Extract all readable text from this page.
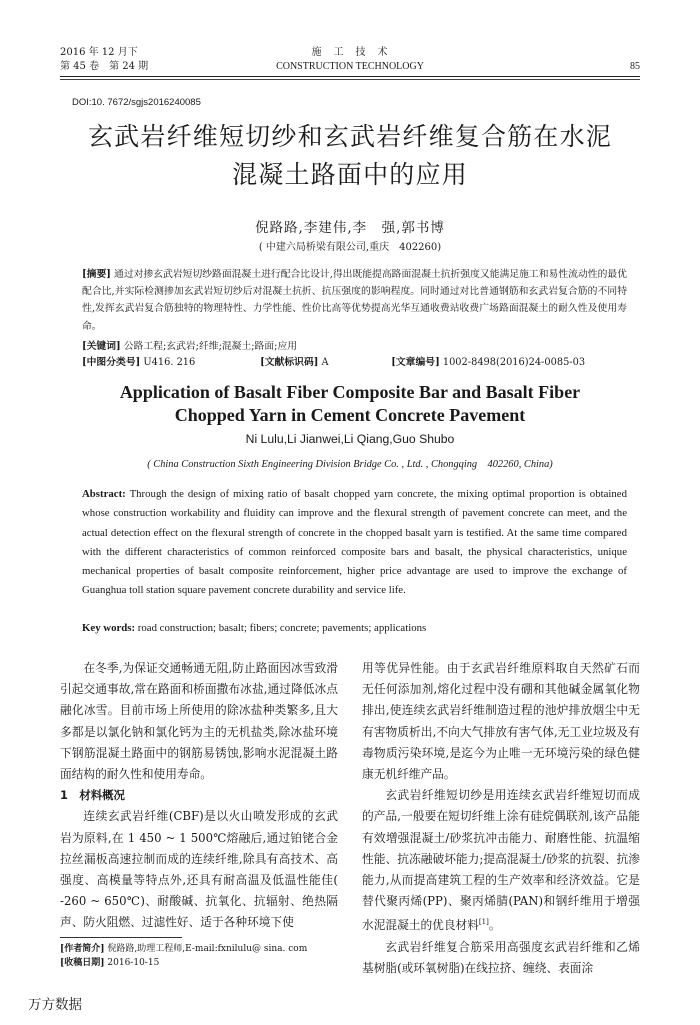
2016 年 12 月下
第 45 卷　第 24 期
施　工　技　术
CONSTRUCTION TECHNOLOGY	85
DOI:10. 7672/sgjs2016240085
玄武岩纤维短切纱和玄武岩纤维复合筋在水泥
混凝土路面中的应用
倪路路,李建伟,李　强,郭书博
( 中建六局桥梁有限公司,重庆　402260)
[摘要] 通过对掺玄武岩短切纱路面混凝土进行配合比设计,得出既能提高路面混凝土抗折强度又能满足施工和易性流动性的最优配合比,并实际检测掺加玄武岩短切纱后对混凝土抗折、抗压强度的影响程度。同时通过对比普通钢筋和玄武岩复合筋的不同特性,发挥玄武岩复合筋独特的物理特性、力学性能、性价比高等优势提高光华互通收费站收费广场路面混凝土的耐久性及使用寿命。
[关键词] 公路工程;玄武岩;纤维;混凝土;路面;应用
[中图分类号] U416. 216	[文献标识码] A	[文章编号] 1002-8498(2016)24-0085-03
Application of Basalt Fiber Composite Bar and Basalt Fiber
Chopped Yarn in Cement Concrete Pavement
Ni Lulu,Li Jianwei,Li Qiang,Guo Shubo
( China Construction Sixth Engineering Division Bridge Co. , Ltd. , Chongqing　402260, China)
Abstract: Through the design of mixing ratio of basalt chopped yarn concrete, the mixing optimal proportion is obtained whose construction workability and fluidity can improve and the flexural strength of pavement concrete can meet, and the actual detection effect on the flexural strength of concrete in the chopped basalt yarn is testified. At the same time compared with the different characteristics of common reinforced composite bars and basalt, the physical characteristics, unique mechanical properties of basalt composite reinforcement, higher price advantage are used to improve the exchange of Guanghua toll station square pavement concrete durability and service life.
Key words: road construction; basalt; fibers; concrete; pavements; applications

在冬季,为保证交通畅通无阻,防止路面因冰雪致滑引起交通事故,常在路面和桥面撒布冰盐,通过降低冰点融化冰雪。目前市场上所使用的除冰盐种类繁多,且大多都是以氯化钠和氯化钙为主的无机盐类,除冰盐环境下钢筋混凝土路面中的钢筋易锈蚀,影响水泥混凝土路面结构的耐久性和使用寿命。

1　材料概况

连续玄武岩纤维(CBF)是以火山喷发形成的玄武岩为原料,在 1 450 ~ 1 500℃熔融后,通过铂铑合金拉丝漏板高速拉制而成的连续纤维,除具有高技术、高强度、高模量等特点外,还具有耐高温及低温性能佳( -260 ~ 650℃)、耐酸碱、抗氧化、抗辐射、绝热隔声、防火阻燃、过滤性好、适于各种环境下使

用等优异性能。由于玄武岩纤维原料取自天然矿石而无任何添加剂,熔化过程中没有硼和其他碱金属氧化物排出,使连续玄武岩纤维制造过程的池炉排放烟尘中无有害物质析出,不向大气排放有害气体,无工业垃圾及有毒物质污染环境,是迄今为止唯一无环境污染的绿色健康无机纤维产品。

玄武岩纤维短切纱是用连续玄武岩纤维短切而成的产品,一般要在短切纤维上涂有硅烷偶联剂,该产品能有效增强混凝土/砂浆抗冲击能力、耐磨性能、抗温缩性能、抗冻融破坏能力;提高混凝土/砂浆的抗裂、抗渗能力,从而提高建筑工程的生产效率和经济效益。它是替代聚丙烯(PP)、聚丙烯腈(PAN)和钢纤维用于增强水泥混凝土的优良材料[1]。

玄武岩纤维复合筋采用高强度玄武岩纤维和乙烯基树脂(或环氧树脂)在线拉挤、缠绕、表面涂

[作者简介] 倪路路,助理工程师,E-mail:fxnilulu@ sina. com
[收稿日期] 2016-10-15
万方数据
